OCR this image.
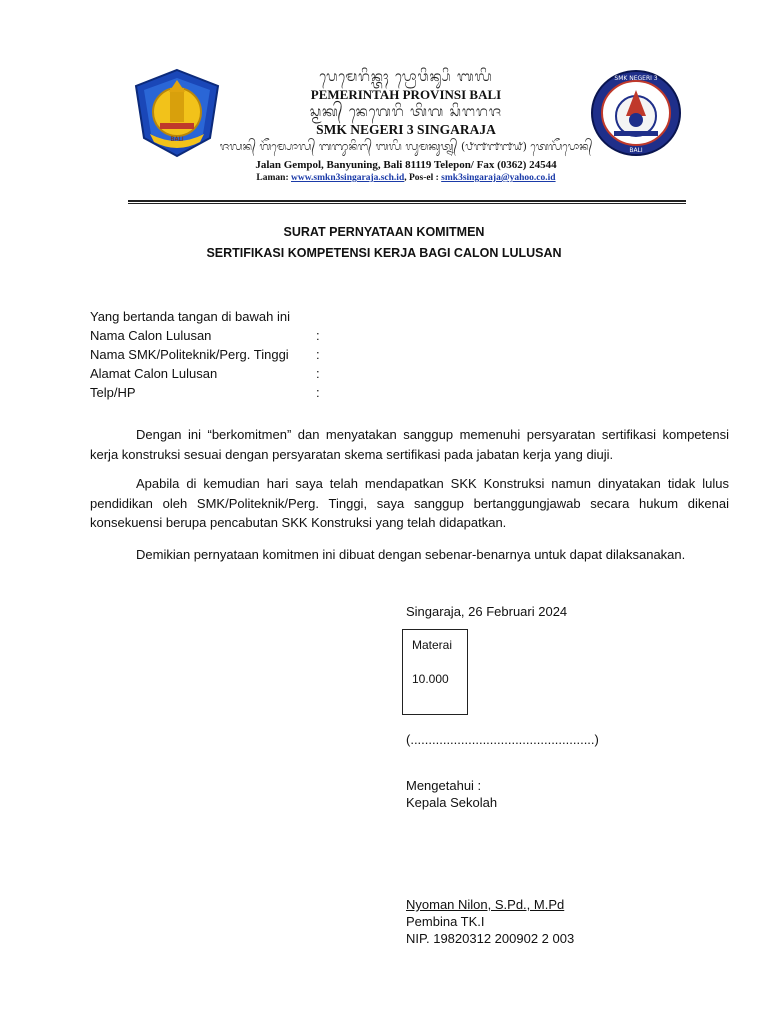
BALI
ᬧᬾᬫᬾᬭᬶᬦ᭄ᬢᬄ ᬧ᭄ᬭᭀᬯᬶᬦ᭄ᬲᬶ ᬩᬮᬶ
PEMERINTAH PROVINSI BALI
ᬲ᭄ᬫᬓ᭄ ᬦᬾᬕᬾᬭᬶ ᬢᬶᬕ ᬲᬶᬗᬭᬚ
SMK NEGERI 3 SINGARAJA
ᬚᬮᬦ᭄ ᬕᭂᬫ᭄ᬧᭀᬮ᭄ ᬩᬜᬸᬦᬶᬗ᭄ ᬩᬮᬶ ᬮᬸᬫᬓᬸᬢ᭄ᬦ᭄ (᭘᭑᭑᭑᭙) ᬢᬾᬮᭂᬧᭀᬦ᭄
Jalan Gempol, Banyuning, Bali 81119 Telepon/ Fax (0362) 24544
Laman: www.smkn3singaraja.sch.id, Pos-el : smk3singaraja@yahoo.co.id
SMK NEGERI 3
BALI
SURAT PERNYATAAN KOMITMEN
SERTIFIKASI KOMPETENSI KERJA BAGI CALON LULUSAN
Yang bertanda tangan di bawah ini
Nama Calon Lulusan	:
Nama SMK/Politeknik/Perg. Tinggi	:
Alamat Calon Lulusan	:
Telp/HP	:
Dengan ini “berkomitmen” dan menyatakan sanggup memenuhi persyaratan sertifikasi kompetensi kerja konstruksi sesuai dengan persyaratan skema sertifikasi pada jabatan kerja yang diuji.
Apabila di kemudian hari saya telah mendapatkan SKK Konstruksi namun dinyatakan tidak lulus pendidikan oleh SMK/Politeknik/Perg. Tinggi, saya sanggup bertanggungjawab secara hukum dikenai konsekuensi berupa pencabutan SKK Konstruksi yang telah didapatkan.
Demikian pernyataan komitmen ini dibuat dengan sebenar-benarnya untuk dapat dilaksanakan.
Singaraja, 26 Februari 2024
Materai
10.000
(...................................................)
Mengetahui :
Kepala Sekolah
Nyoman Nilon, S.Pd., M.Pd
Pembina TK.I
NIP. 19820312 200902 2 003
